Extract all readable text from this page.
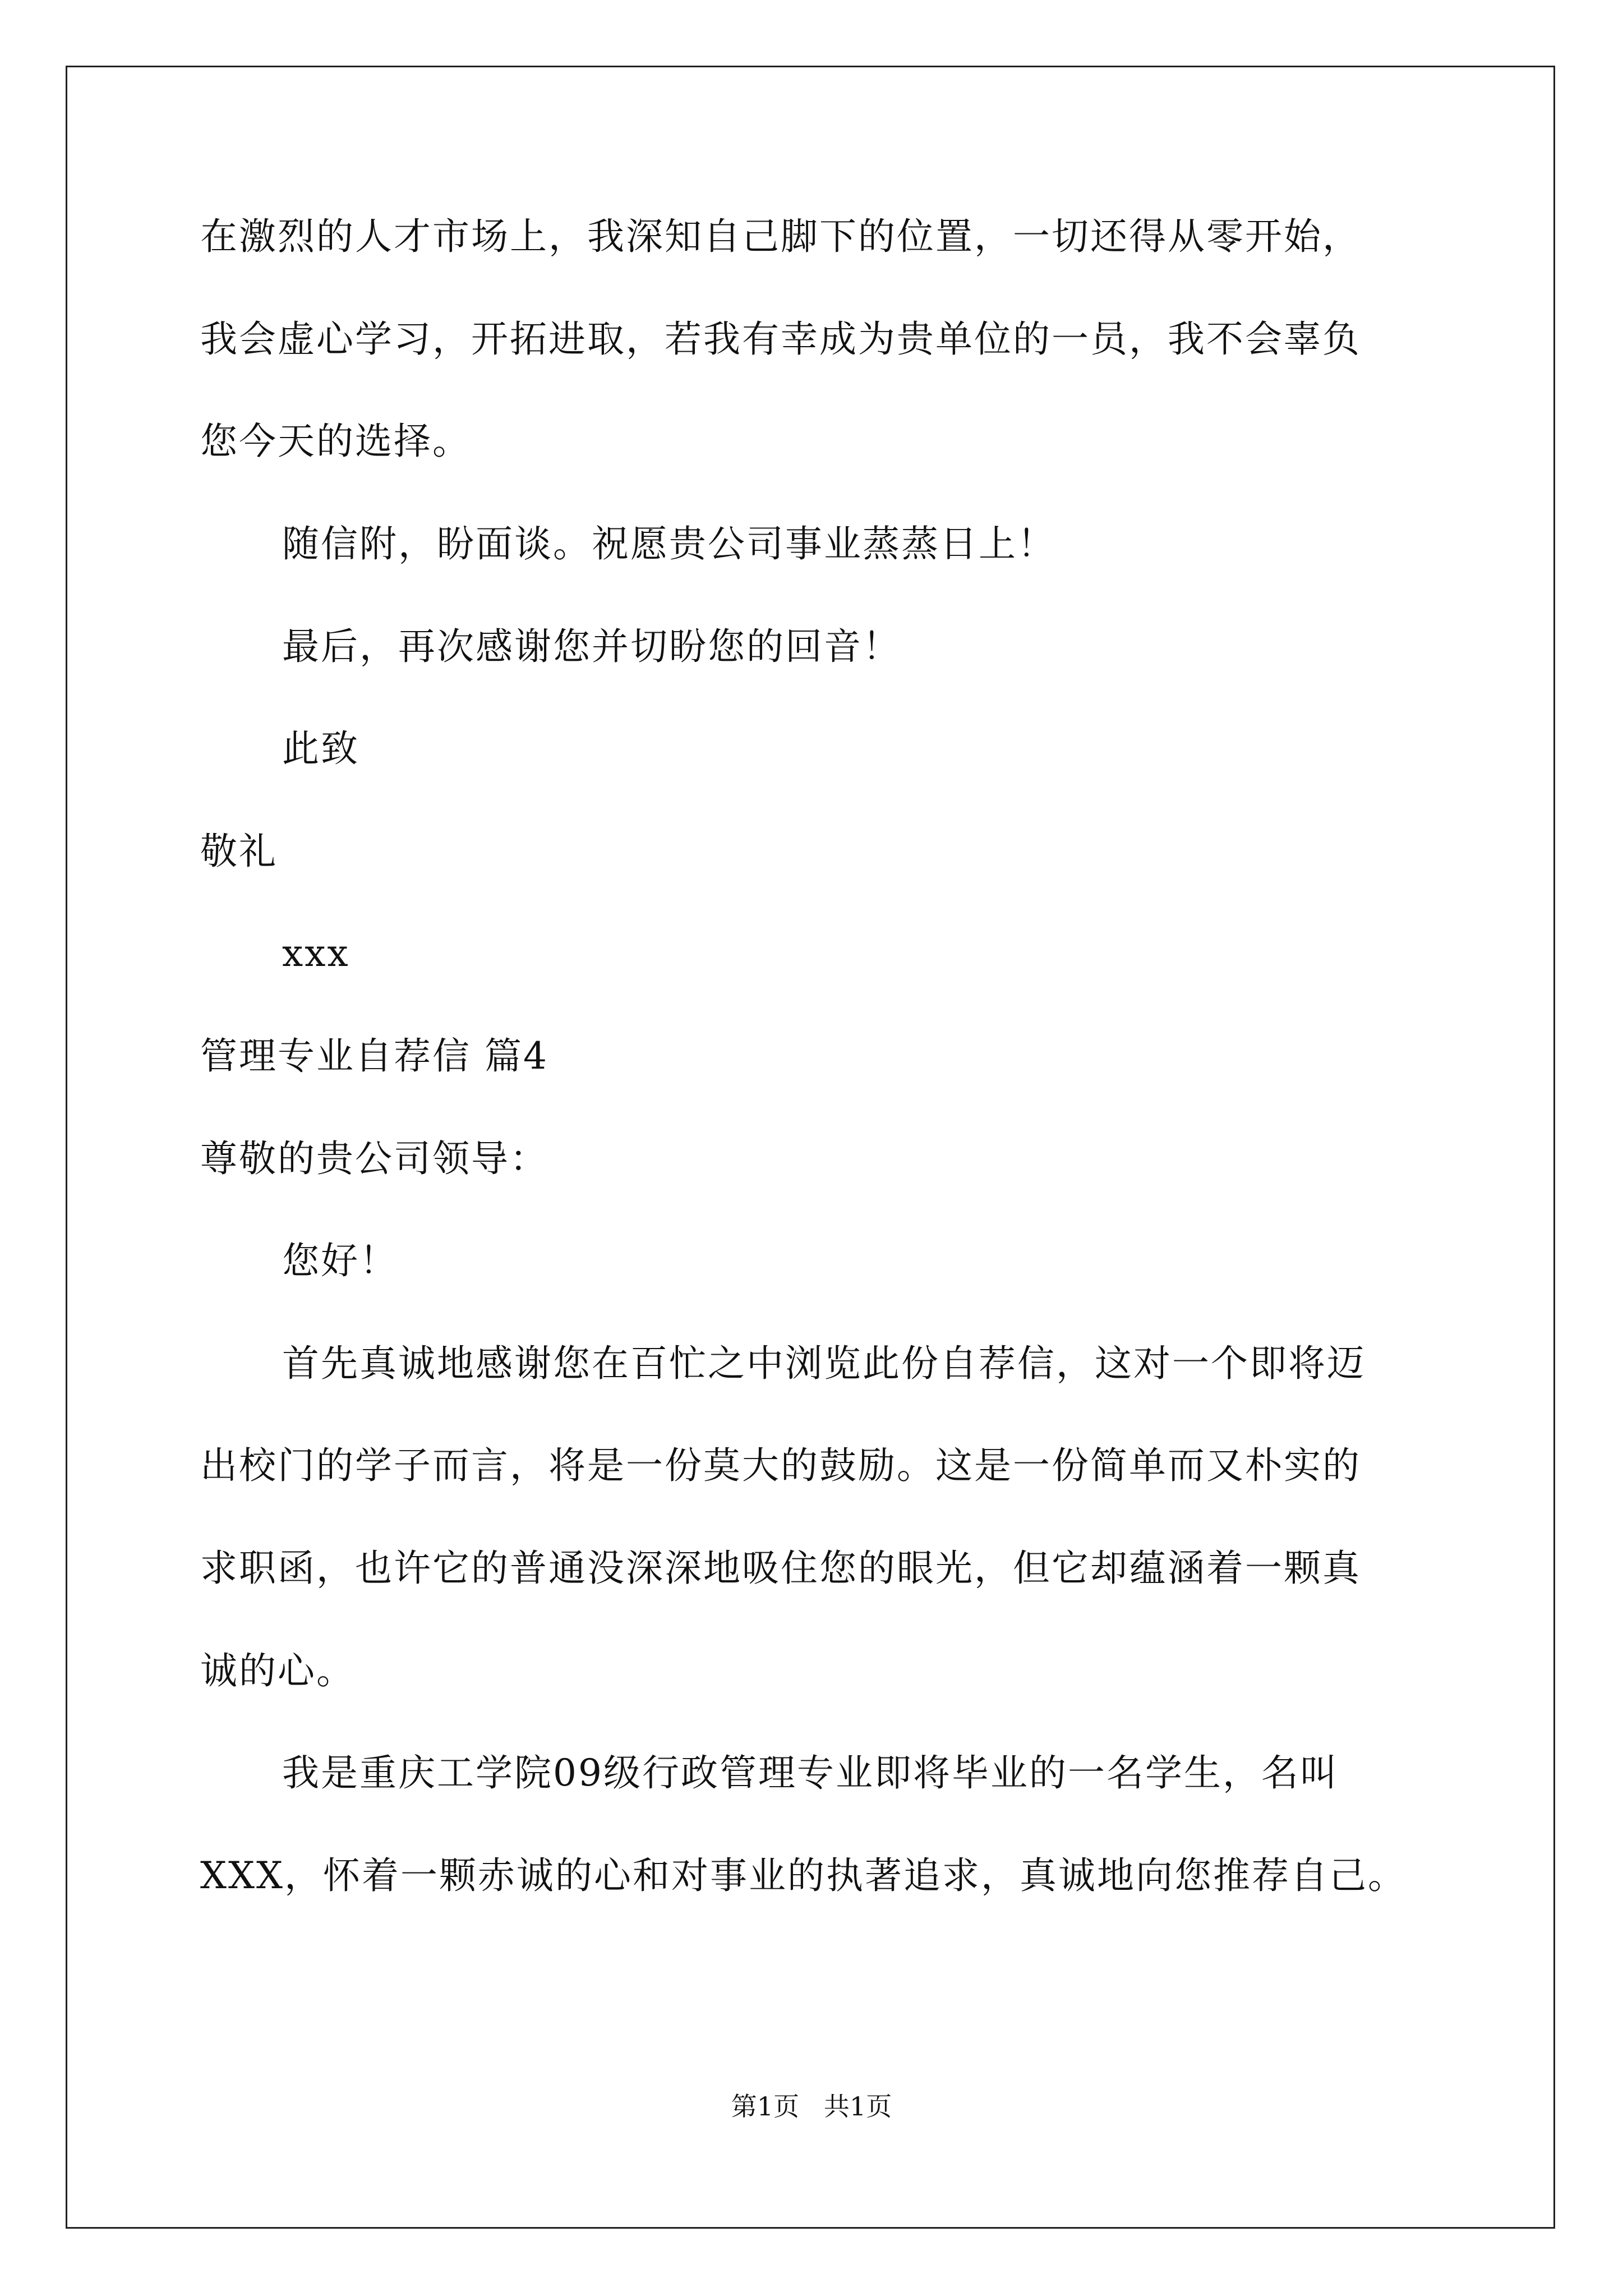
在激烈的人才市场上，我深知自己脚下的位置，一切还得从零开始，
我会虚心学习，开拓进取，若我有幸成为贵单位的一员，我不会辜负
您今天的选择。
随信附，盼面谈。祝愿贵公司事业蒸蒸日上！
最后，再次感谢您并切盼您的回音！
此致
敬礼
xxx
管理专业自荐信 篇4
尊敬的贵公司领导：
您好！
首先真诚地感谢您在百忙之中浏览此份自荐信，这对一个即将迈
出校门的学子而言，将是一份莫大的鼓励。这是一份简单而又朴实的
求职函，也许它的普通没深深地吸住您的眼光，但它却蕴涵着一颗真
诚的心。
我是重庆工学院09级行政管理专业即将毕业的一名学生，名叫
XXX，怀着一颗赤诚的心和对事业的执著追求，真诚地向您推荐自己。
第1页   共1页
